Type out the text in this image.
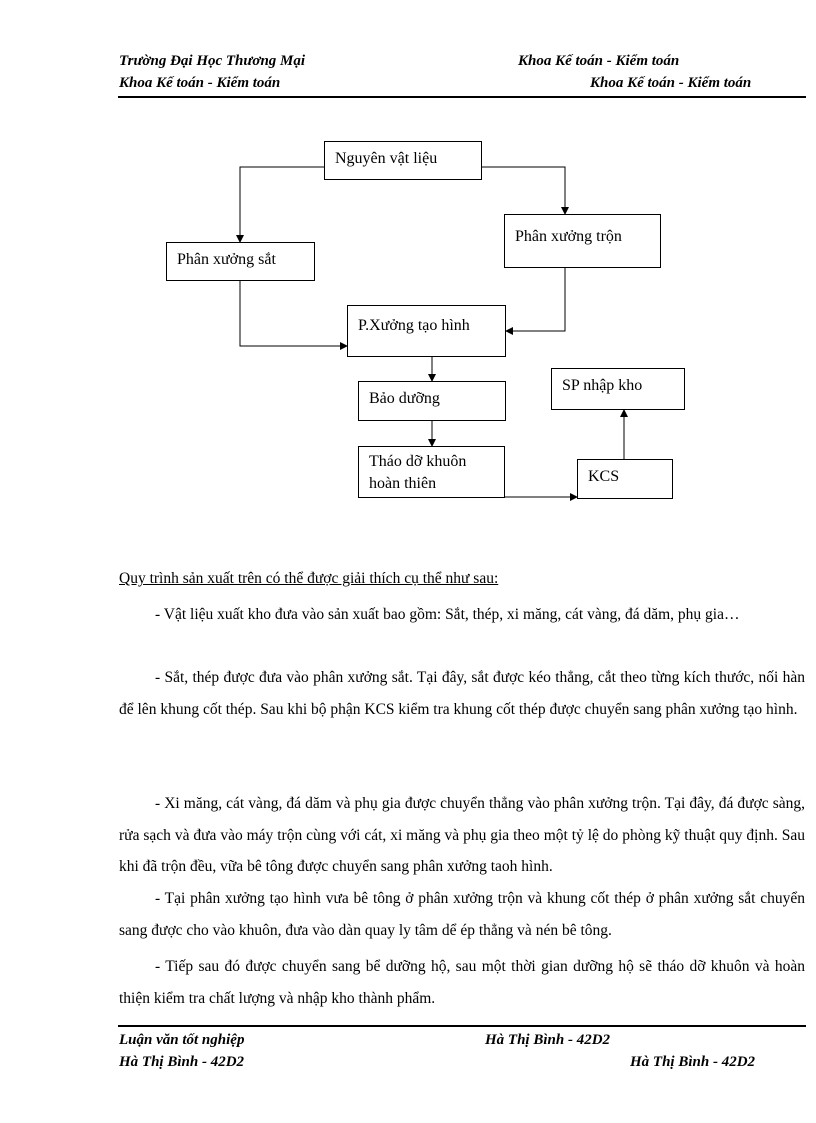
Trường Đại Học Thương Mại	Khoa Kế toán - Kiểm toán
Khoa Kế toán - Kiểm toán	Khoa Kế toán - Kiểm toán
Nguyên vật liệu
Phân xưởng sắt
Phân xưởng trộn
P.Xưởng tạo hình
Bảo dưỡng
Tháo dỡ khuôn
hoàn thiên	KCS
SP nhập kho
Quy trình sản xuất trên có thể được giải thích cụ thể như sau:
- Vật liệu xuất kho đưa vào sản xuất bao gồm: Sắt, thép, xi măng, cát vàng, đá dăm, phụ gia…
- Sắt, thép được đưa vào phân xưởng sắt. Tại đây, sắt được kéo thẳng, cắt theo từng kích thước, nối hàn để lên khung cốt thép. Sau khi bộ phận KCS kiểm tra khung cốt thép được chuyển sang phân xưởng tạo hình.
- Xi măng, cát vàng, đá dăm và phụ gia được chuyển thẳng vào phân xưởng trộn. Tại đây, đá được sàng, rửa sạch và đưa vào máy trộn cùng với cát, xi măng và phụ gia theo một tỷ lệ do phòng kỹ thuật quy định. Sau khi đã trộn đều, vữa bê tông được chuyển sang phân xưởng taoh hình.
- Tại phân xưởng tạo hình vưa bê tông ở phân xưởng trộn và khung cốt thép ở phân xưởng sắt chuyển sang được cho vào khuôn, đưa vào dàn quay ly tâm dể ép thẳng và nén bê tông.
- Tiếp sau đó được chuyển sang bể dưỡng hộ, sau một thời gian dưỡng hộ sẽ tháo dỡ khuôn và hoàn thiện kiểm tra chất lượng và nhập kho thành phẩm.
Luận văn tốt nghiệp	Hà Thị Bình - 42D2
Hà Thị Bình - 42D2	Hà Thị Bình - 42D2
